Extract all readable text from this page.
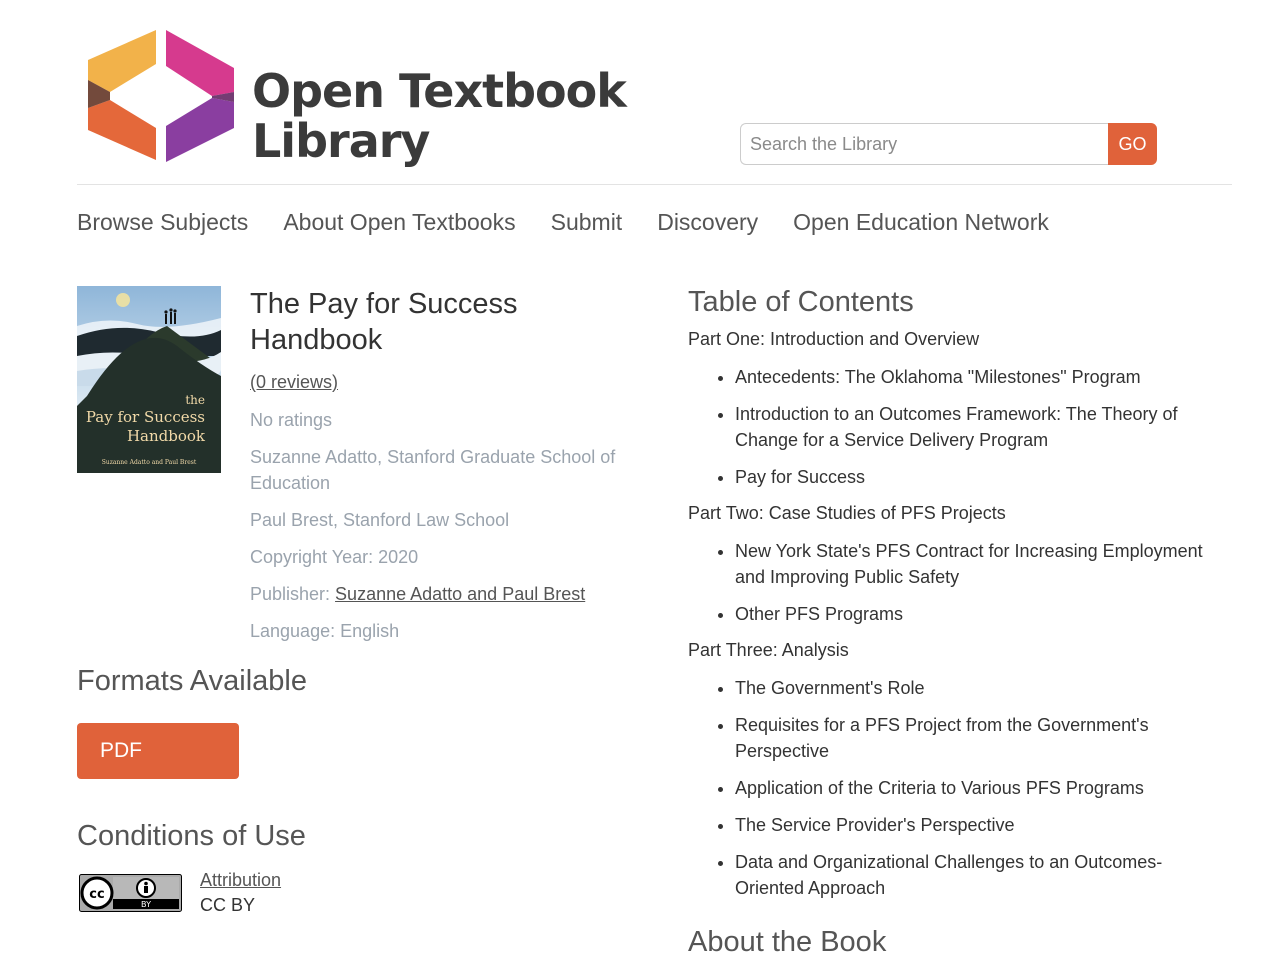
Open Textbook
Library
Search the Library	GO
Browse Subjects About Open Textbooks Submit Discovery Open Education Network
the
Pay for Success
Handbook
Suzanne Adatto and Paul Brest
The Pay for Success Handbook
(0 reviews)
No ratings
Suzanne Adatto, Stanford Graduate School of Education
Paul Brest, Stanford Law School
Copyright Year: 2020
Publisher: Suzanne Adatto and Paul Brest
Language: English
Formats Available
PDF
Conditions of Use
BY
cc
Attribution
CC BY
Table of Contents
Part One: Introduction and Overview
• Antecedents: The Oklahoma "Milestones" Program
• Introduction to an Outcomes Framework: The Theory of Change for a Service Delivery Program
• Pay for Success
Part Two: Case Studies of PFS Projects
• New York State's PFS Contract for Increasing Employment and Improving Public Safety
• Other PFS Programs
Part Three: Analysis
• The Government's Role
• Requisites for a PFS Project from the Government's Perspective
• Application of the Criteria to Various PFS Programs
• The Service Provider's Perspective
• Data and Organizational Challenges to an Outcomes-Oriented Approach
About the Book
